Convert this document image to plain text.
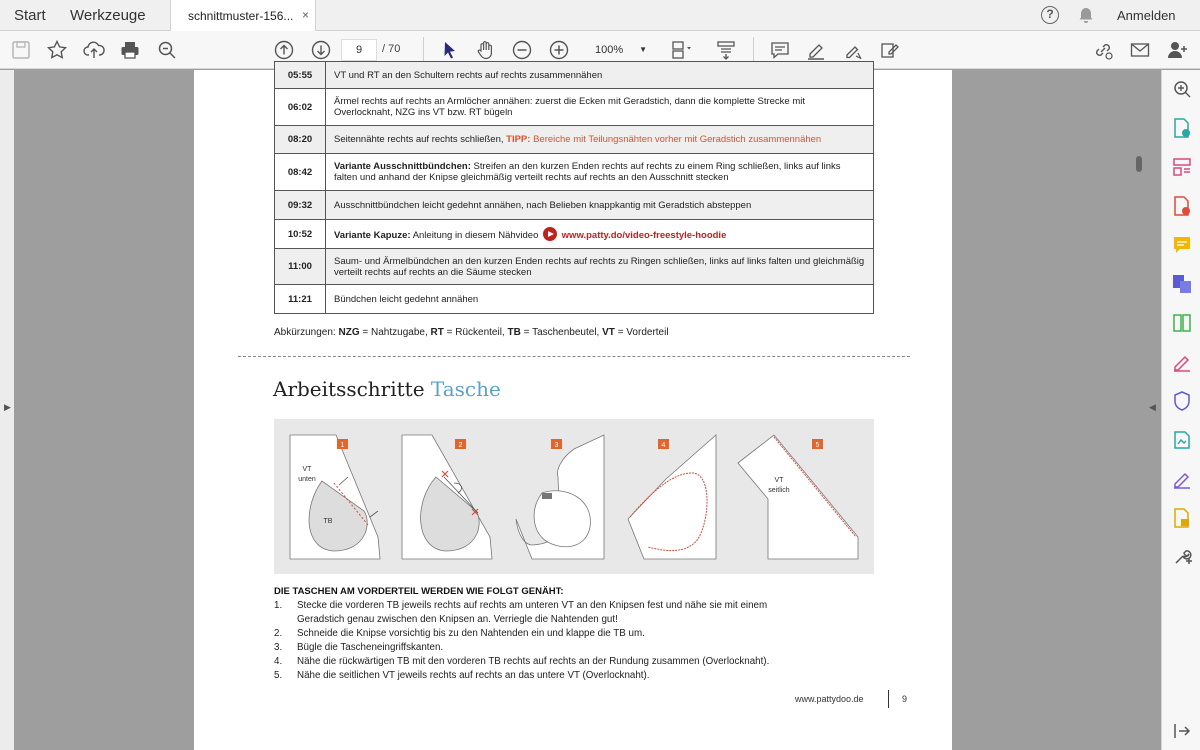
Start Werkzeuge	schnittmuster-156... ×	?	Anmelden
9	/ 70	100% ▼
▶	◀
05:55	VT und RT an den Schultern rechts auf rechts zusammennähen
06:02	Ärmel rechts auf rechts an Armlöcher annähen: zuerst die Ecken mit Geradstich, dann die komplette Strecke mit Overlocknaht, NZG ins VT bzw. RT bügeln
08:20	Seitennähte rechts auf rechts schließen, TIPP: Bereiche mit Teilungsnähten vorher mit Geradstich zusammennähen
08:42	Variante Ausschnittbündchen: Streifen an den kurzen Enden rechts auf rechts zu einem Ring schließen, links auf links falten und anhand der Knipse gleichmäßig verteilt rechts auf rechts an den Ausschnitt stecken
09:32	Ausschnittbündchen leicht gedehnt annähen, nach Belieben knappkantig mit Geradstich absteppen
10:52	Variante Kapuze: Anleitung in diesem Nähvideo www.patty.do/video-freestyle-hoodie
11:00	Saum- und Ärmelbündchen an den kurzen Enden rechts auf rechts zu Ringen schließen, links auf links falten und gleichmäßig verteilt rechts auf rechts an die Säume stecken
11:21	Bündchen leicht gedehnt annähen
Abkürzungen: NZG = Nahtzugabe, RT = Rückenteil, TB = Taschenbeutel, VT = Vorderteil
Arbeitsschritte Tasche
1
VT
unten
TB
2	3	4	5
VT
seitlich
DIE TASCHEN AM VORDERTEIL WERDEN WIE FOLGT GENÄHT:
1. Stecke die vorderen TB jeweils rechts auf rechts am unteren VT an den Knipsen fest und nähe sie mit einem
Geradstich genau zwischen den Knipsen an. Verriegle die Nahtenden gut!
2. Schneide die Knipse vorsichtig bis zu den Nahtenden ein und klappe die TB um.
3. Bügle die Tascheneingriffskanten.
4. Nähe die rückwärtigen TB mit den vorderen TB rechts auf rechts an der Rundung zusammen (Overlocknaht).
5. Nähe die seitlichen VT jeweils rechts auf rechts an das untere VT (Overlocknaht).
www.pattydoo.de	9
